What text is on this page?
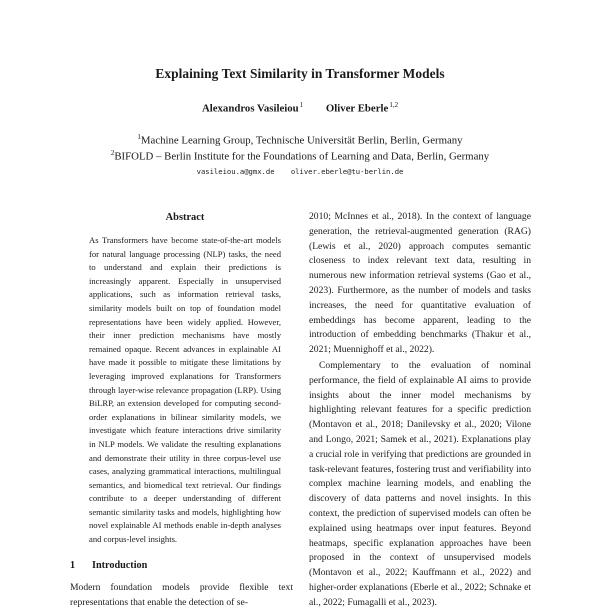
Explaining Text Similarity in Transformer Models
Alexandros Vasileiou$^1$ Oliver Eberle$^{1,2}$
$^1$Machine Learning Group, Technische Universität Berlin, Berlin, Germany
$^2$BIFOLD – Berlin Institute for the Foundations of Learning and Data, Berlin, Germany
vasileiou.a@gmx.de oliver.eberle@tu-berlin.de
Abstract

As Transformers have become state-of-the-art models for natural language processing (NLP) tasks, the need to understand and explain their predictions is increasingly apparent. Especially in unsupervised applications, such as information retrieval tasks, similarity models built on top of foundation model representations have been widely applied. However, their inner prediction mechanisms have mostly remained opaque. Recent advances in explainable AI have made it possible to mitigate these limitations by leveraging improved explanations for Transformers through layer-wise relevance propagation (LRP). Using BiLRP, an extension developed for computing second-order explanations in bilinear similarity models, we investigate which feature interactions drive similarity in NLP models. We validate the resulting explanations and demonstrate their utility in three corpus-level use cases, analyzing grammatical interactions, multilingual semantics, and biomedical text retrieval. Our findings contribute to a deeper understanding of different semantic similarity tasks and models, highlighting how novel explainable AI methods enable in-depth analyses and corpus-level insights.

1 Introduction

Modern foundation models provide flexible text representations that enable the detection of se-

2010; McInnes et al., 2018). In the context of language generation, the retrieval-augmented generation (RAG) (Lewis et al., 2020) approach computes semantic closeness to index relevant text data, resulting in numerous new information retrieval systems (Gao et al., 2023). Furthermore, as the number of models and tasks increases, the need for quantitative evaluation of embeddings has become apparent, leading to the introduction of embedding benchmarks (Thakur et al., 2021; Muennighoff et al., 2022).

Complementary to the evaluation of nominal performance, the field of explainable AI aims to provide insights about the inner model mechanisms by highlighting relevant features for a specific prediction (Montavon et al., 2018; Danilevsky et al., 2020; Vilone and Longo, 2021; Samek et al., 2021). Explanations play a crucial role in verifying that predictions are grounded in task-relevant features, fostering trust and verifiability into complex machine learning models, and enabling the discovery of data patterns and novel insights. In this context, the prediction of supervised models can often be explained using heatmaps over input features. Beyond heatmaps, specific explanation approaches have been proposed in the context of unsupervised models (Montavon et al., 2022; Kauffmann et al., 2022) and higher-order explanations (Eberle et al., 2022; Schnake et al., 2022; Fumagalli et al., 2023).
